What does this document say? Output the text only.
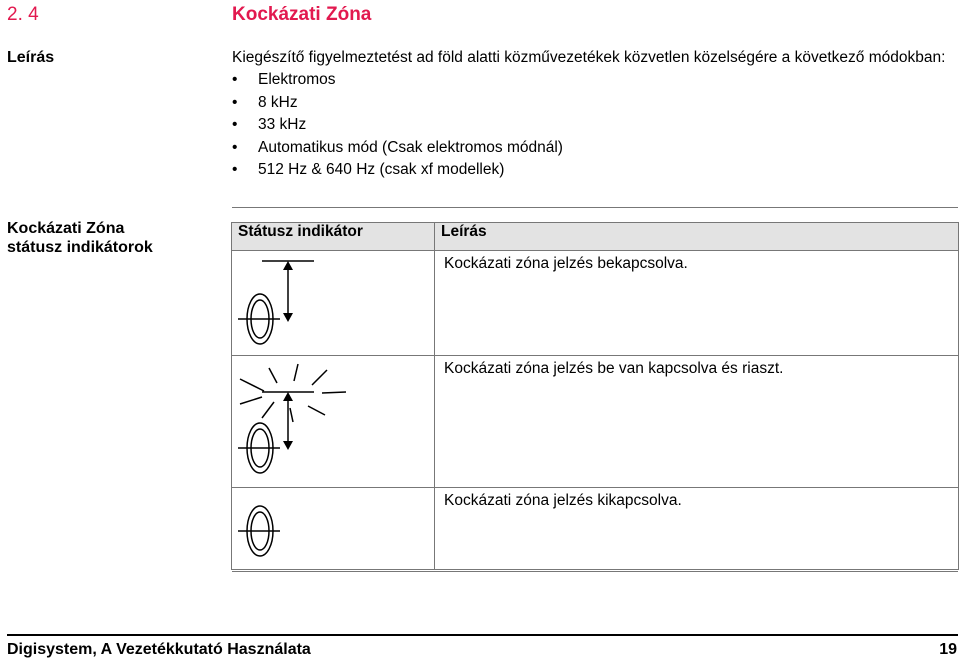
2. 4	Kockázati Zóna
Leírás	Kiegészítő figyelmeztetést ad föld alatti közművezetékek közvetlen közelségére a következő módokban:

• Elektromos
• 8 kHz
• 33 kHz
• Automatikus mód (Csak elektromos módnál)
• 512 Hz & 640 Hz (csak xf modellek)
Kockázati Zóna
státusz indikátorok
Státusz indikátor	Leírás
	Kockázati zóna jelzés bekapcsolva.
	Kockázati zóna jelzés be van kapcsolva és riaszt.
	Kockázati zóna jelzés kikapcsolva.
Digisystem, A Vezetékkutató Használata	19
